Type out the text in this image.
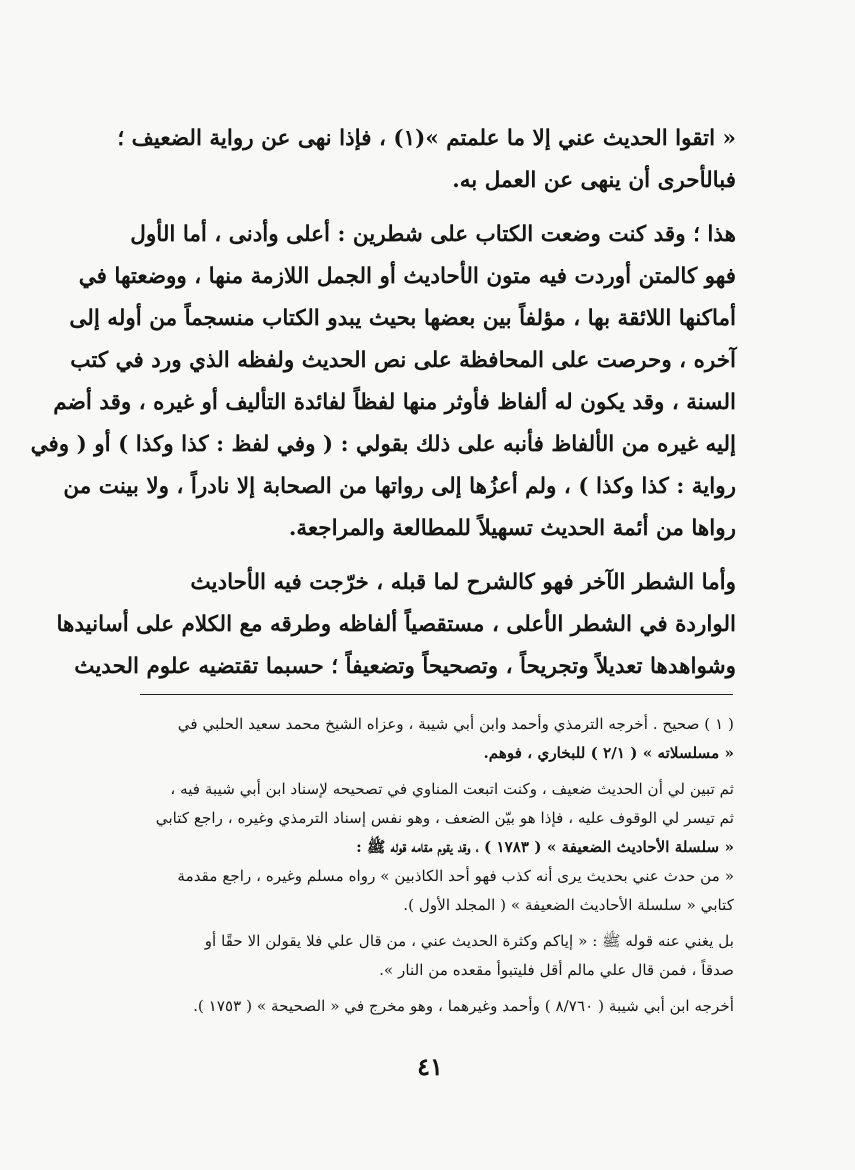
« اتقوا الحديث عني إلا ما علمتم »(١) ، فإذا نهى عن رواية الضعيف ؛
فبالأحرى أن ينهى عن العمل به.
هذا ؛ وقد كنت وضعت الكتاب على شطرين : أعلى وأدنى ، أما الأول
فهو كالمتن أوردت فيه متون الأحاديث أو الجمل اللازمة منها ، ووضعتها في
أماكنها اللائقة بها ، مؤلفاً بين بعضها بحيث يبدو الكتاب منسجماً من أوله إلى
آخره ، وحرصت على المحافظة على نص الحديث ولفظه الذي ورد في كتب
السنة ، وقد يكون له ألفاظ فأوثر منها لفظاً لفائدة التأليف أو غيره ، وقد أضم
إليه غيره من الألفاظ فأنبه على ذلك بقولي : ( وفي لفظ : كذا وكذا ) أو ( وفي
رواية : كذا وكذا ) ، ولم أعزُها إلى رواتها من الصحابة إلا نادراً ، ولا بينت من
رواها من أئمة الحديث تسهيلاً للمطالعة والمراجعة.
وأما الشطر الآخر فهو كالشرح لما قبله ، خرّجت فيه الأحاديث
الواردة في الشطر الأعلى ، مستقصياً ألفاظه وطرقه مع الكلام على أسانيدها
وشواهدها تعديلاً وتجريحاً ، وتصحيحاً وتضعيفاً ؛ حسبما تقتضيه علوم الحديث
( ١ ) صحيح . أخرجه الترمذي وأحمد وابن أبي شيبة ، وعزاه الشيخ محمد سعيد الحلبي في
« مسلسلاته » ( ٢/١ ) للبخاري ، فوهم.
ثم تبين لي أن الحديث ضعيف ، وكنت اتبعت المناوي في تصحيحه لإسناد ابن أبي شيبة فيه ،
ثم تيسر لي الوقوف عليه ، فإذا هو بيّن الضعف ، وهو نفس إسناد الترمذي وغيره ، راجع كتابي
« سلسلة الأحاديث الضعيفة » ( ١٧٨٣ ) ، وقد يقوم مقامه قوله ﷺ :
« من حدث عني بحديث يرى أنه كذب فهو أحد الكاذبين » رواه مسلم وغيره ، راجع مقدمة
كتابي « سلسلة الأحاديث الضعيفة » ( المجلد الأول ).
بل يغني عنه قوله ﷺ : « إياكم وكثرة الحديث عني ، من قال علي فلا يقولن الا حقًا أو
صدقاً ، فمن قال علي مالم أقل فليتبوأ مقعده من النار ».
أخرجه ابن أبي شيبة ( ٨/٧٦٠ ) وأحمد وغيرهما ، وهو مخرج في « الصحيحة » ( ١٧٥٣ ).
٤١
